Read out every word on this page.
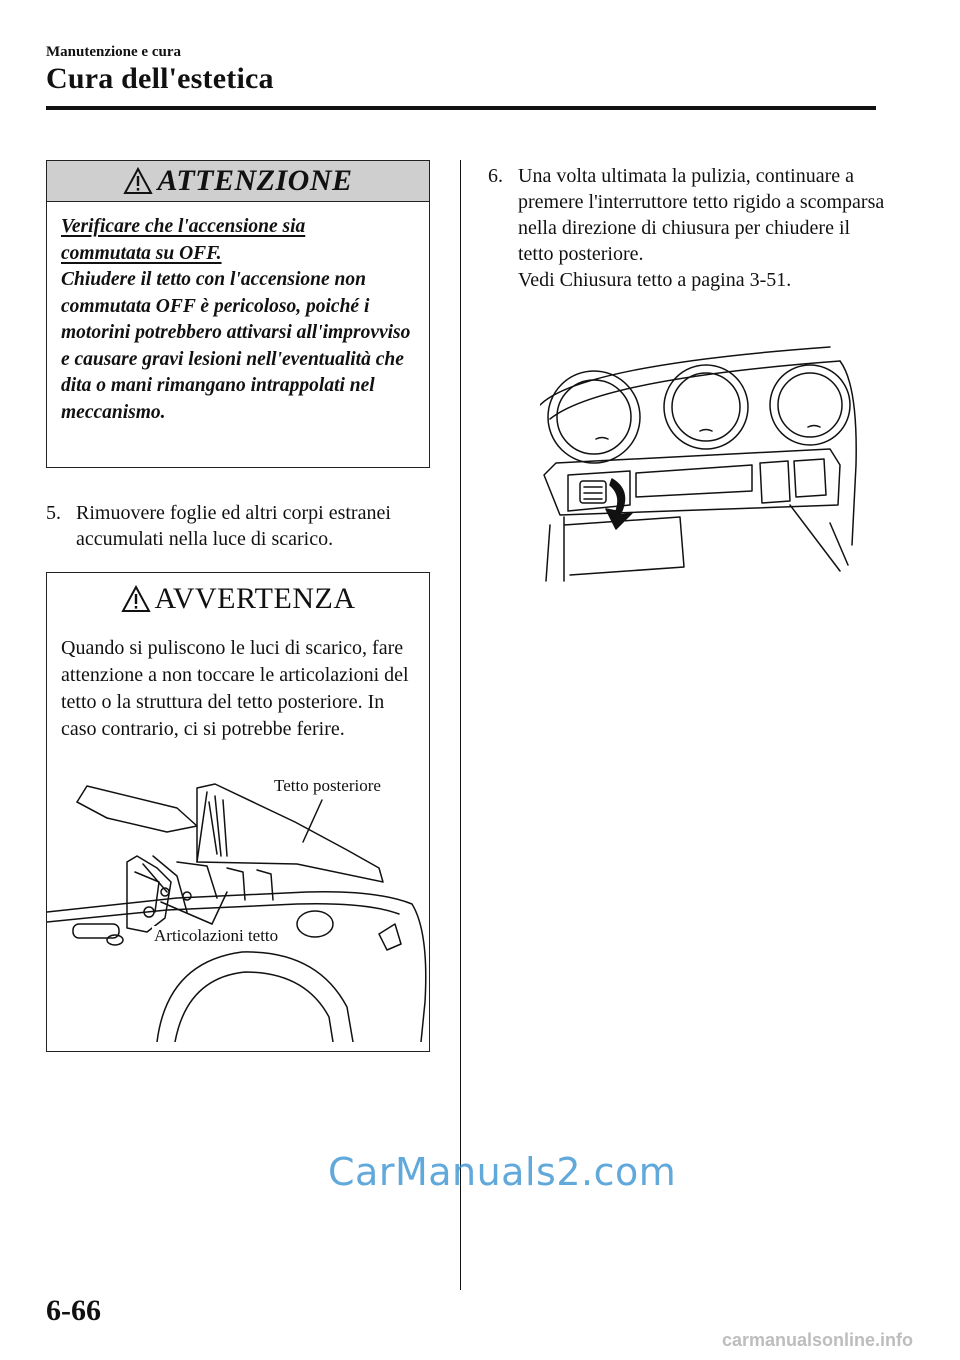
Manutenzione e cura
Cura dell'estetica
ATTENZIONE
Verificare che l'accensione sia
commutata su OFF.
Chiudere il tetto con l'accensione non commutata OFF è pericoloso, poiché i motorini potrebbero attivarsi all'improvviso e causare gravi lesioni nell'eventualità che dita o mani rimangano intrappolati nel meccanismo.
5. Rimuovere foglie ed altri corpi estranei accumulati nella luce di scarico.
AVVERTENZA
Quando si puliscono le luci di scarico, fare attenzione a non toccare le articolazioni del tetto o la struttura del tetto posteriore. In caso contrario, ci si potrebbe ferire.
Tetto posteriore
Articolazioni tetto
6. Una volta ultimata la pulizia, continuare a premere l'interruttore tetto rigido a scomparsa nella direzione di chiusura per chiudere il tetto posteriore.
Vedi Chiusura tetto a pagina 3-51.
6-66
CarManuals2.com
carmanualsonline.info
